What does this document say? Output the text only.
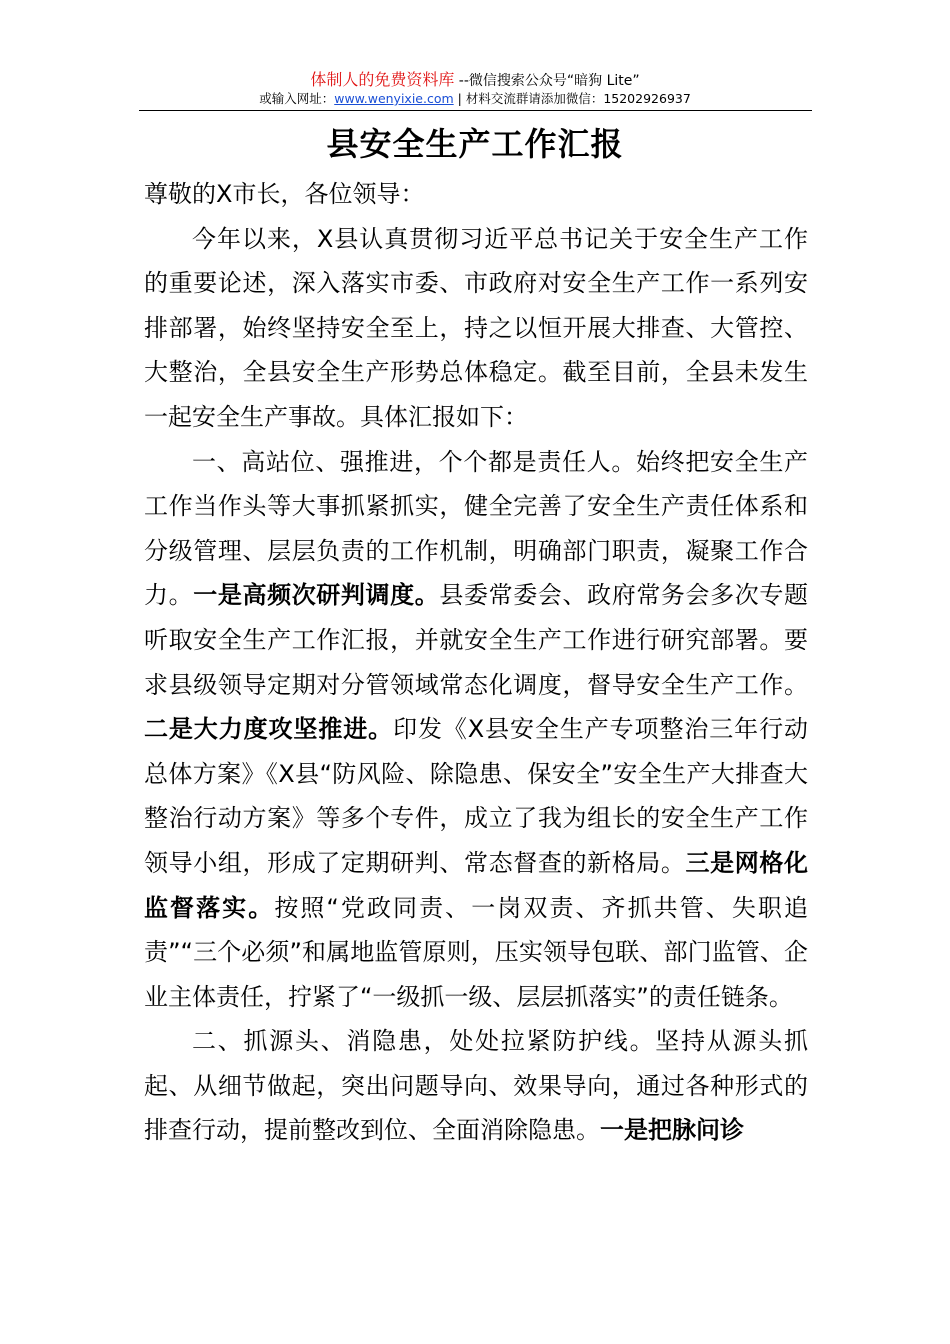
体制人的免费资料库 --微信搜索公众号“暗狗 Lite”
或输入网址：www.wenyixie.com | 材料交流群请添加微信：15202926937
县安全生产工作汇报

尊敬的X市长，各位领导：

今年以来，X县认真贯彻习近平总书记关于安全生产工作的重要论述，深入落实市委、市政府对安全生产工作一系列安排部署，始终坚持安全至上，持之以恒开展大排查、大管控、大整治，全县安全生产形势总体稳定。截至目前，全县未发生一起安全生产事故。具体汇报如下：

一、高站位、强推进，个个都是责任人。始终把安全生产工作当作头等大事抓紧抓实，健全完善了安全生产责任体系和分级管理、层层负责的工作机制，明确部门职责，凝聚工作合力。一是高频次研判调度。县委常委会、政府常务会多次专题听取安全生产工作汇报，并就安全生产工作进行研究部署。要求县级领导定期对分管领域常态化调度，督导安全生产工作。二是大力度攻坚推进。印发《X县安全生产专项整治三年行动总体方案》《X县“防风险、除隐患、保安全”安全生产大排查大整治行动方案》等多个专件，成立了我为组长的安全生产工作领导小组，形成了定期研判、常态督查的新格局。三是网格化监督落实。按照“党政同责、一岗双责、齐抓共管、失职追责”“三个必须”和属地监管原则，压实领导包联、部门监管、企业主体责任，拧紧了“一级抓一级、层层抓落实”的责任链条。

二、抓源头、消隐患，处处拉紧防护线。坚持从源头抓起、从细节做起，突出问题导向、效果导向，通过各种形式的排查行动，提前整改到位、全面消除隐患。一是把脉问诊
